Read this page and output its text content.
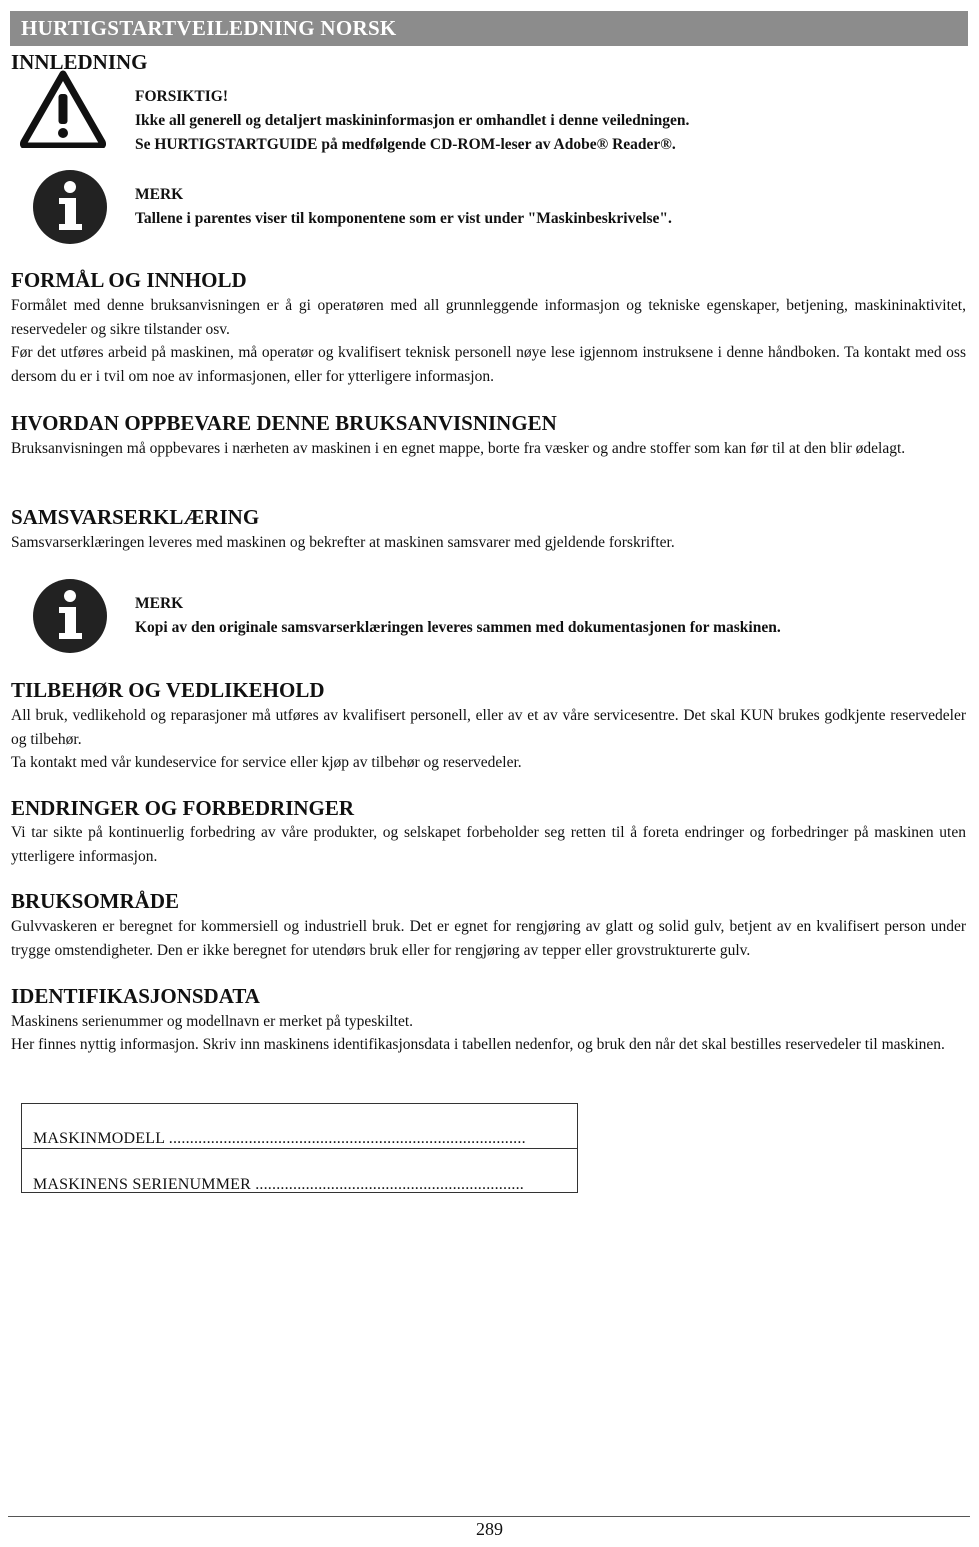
HURTIGSTARTVEILEDNING NORSK
INNLEDNING
FORSIKTIG!
Ikke all generell og detaljert maskininformasjon er omhandlet i denne veiledningen.
Se HURTIGSTARTGUIDE på medfølgende CD-ROM-leser av Adobe® Reader®.
MERK
Tallene i parentes viser til komponentene som er vist under "Maskinbeskrivelse".
FORMÅL OG INNHOLD

Formålet med denne bruksanvisningen er å gi operatøren med all grunnleggende informasjon og tekniske egenskaper, betjening, maskininaktivitet, reservedeler og sikre tilstander osv.

Før det utføres arbeid på maskinen, må operatør og kvalifisert teknisk personell nøye lese igjennom instruksene i denne håndboken. Ta kontakt med oss dersom du er i tvil om noe av informasjonen, eller for ytterligere informasjon.

HVORDAN OPPBEVARE DENNE BRUKSANVISNINGEN

Bruksanvisningen må oppbevares i nærheten av maskinen i en egnet mappe, borte fra væsker og andre stoffer som kan før til at den blir ødelagt.

SAMSVARSERKLÆRING

Samsvarserklæringen leveres med maskinen og bekrefter at maskinen samsvarer med gjeldende forskrifter.

MERK
Kopi av den originale samsvarserklæringen leveres sammen med dokumentasjonen for maskinen.
TILBEHØR OG VEDLIKEHOLD

All bruk, vedlikehold og reparasjoner må utføres av kvalifisert personell, eller av et av våre servicesentre. Det skal KUN brukes godkjente reservedeler og tilbehør.

Ta kontakt med vår kundeservice for service eller kjøp av tilbehør og reservedeler.

ENDRINGER OG FORBEDRINGER

Vi tar sikte på kontinuerlig forbedring av våre produkter, og selskapet forbeholder seg retten til å foreta endringer og forbedringer på maskinen uten ytterligere informasjon.

BRUKSOMRÅDE

Gulvvaskeren er beregnet for kommersiell og industriell bruk. Det er egnet for rengjøring av glatt og solid gulv, betjent av en kvalifisert person under trygge omstendigheter. Den er ikke beregnet for utendørs bruk eller for rengjøring av tepper eller grovstrukturerte gulv.

IDENTIFIKASJONSDATA

Maskinens serienummer og modellnavn er merket på typeskiltet.

Her finnes nyttig informasjon. Skriv inn maskinens identifikasjonsdata i tabellen nedenfor, og bruk den når det skal bestilles reservedeler til maskinen.

MASKINMODELL .....................................................................................
MASKINENS SERIENUMMER ................................................................
289
